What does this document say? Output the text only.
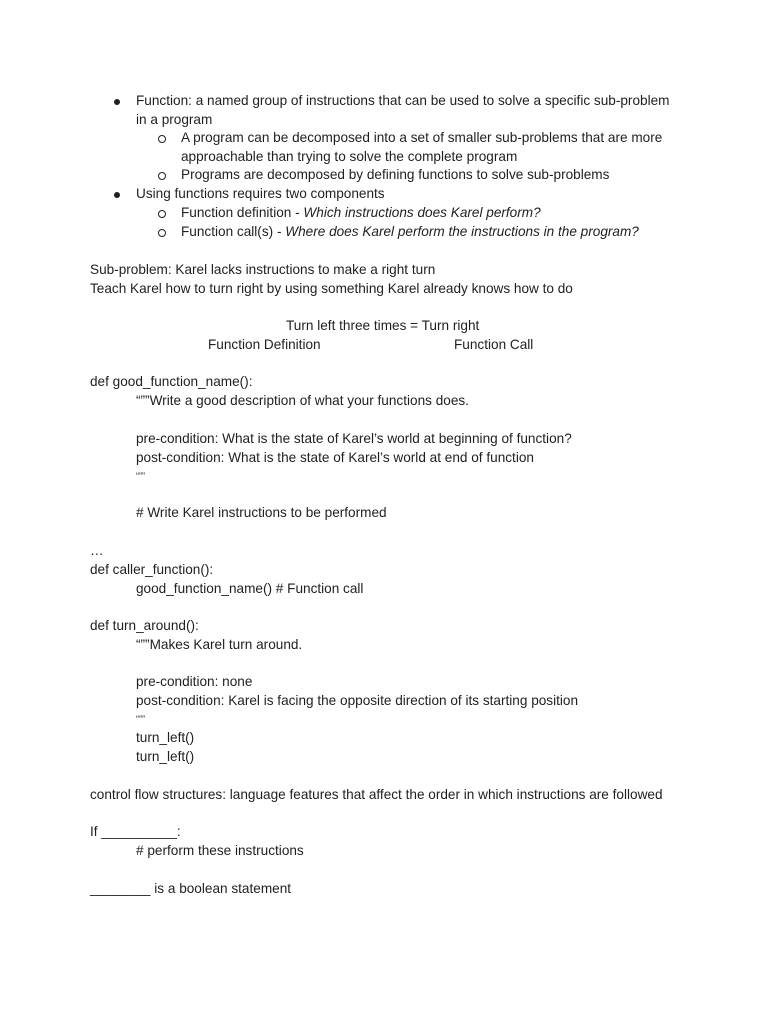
Function: a named group of instructions that can be used to solve a specific sub-problem
in a program
A program can be decomposed into a set of smaller sub-problems that are more
approachable than trying to solve the complete program
Programs are decomposed by defining functions to solve sub-problems
Using functions requires two components
Function definition - Which instructions does Karel perform?
Function call(s) - Where does Karel perform the instructions in the program?
Sub-problem: Karel lacks instructions to make a right turn
Teach Karel how to turn right by using something Karel already knows how to do
Turn left three times = Turn right
Function Definition	Function Call
def good_function_name():
“””Write a good description of what your functions does.
pre-condition: What is the state of Karel’s world at beginning of function?
post-condition: What is the state of Karel’s world at end of function
“””
# Write Karel instructions to be performed
…
def caller_function():
good_function_name() # Function call
def turn_around():
“””Makes Karel turn around.
pre-condition: none
post-condition: Karel is facing the opposite direction of its starting position
“””
turn_left()
turn_left()
control flow structures: language features that affect the order in which instructions are followed
If __________:
# perform these instructions
________ is a boolean statement
